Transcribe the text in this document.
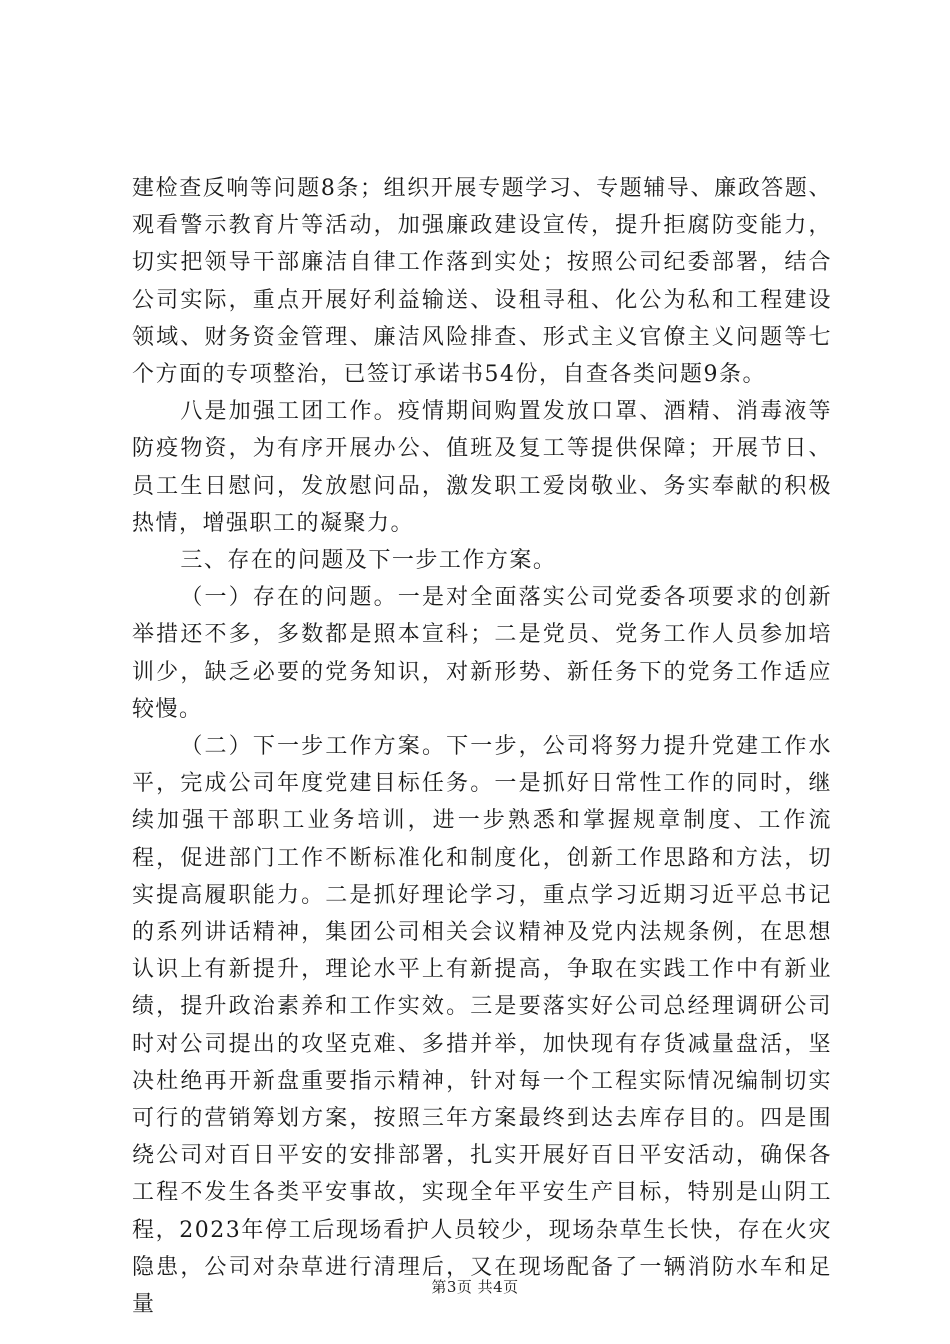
建检查反响等问题8条；组织开展专题学习、专题辅导、廉政答题、观看警示教育片等活动，加强廉政建设宣传，提升拒腐防变能力，切实把领导干部廉洁自律工作落到实处；按照公司纪委部署，结合公司实际，重点开展好利益输送、设租寻租、化公为私和工程建设领域、财务资金管理、廉洁风险排查、形式主义官僚主义问题等七个方面的专项整治，已签订承诺书54份，自查各类问题9条。

八是加强工团工作。疫情期间购置发放口罩、酒精、消毒液等防疫物资，为有序开展办公、值班及复工等提供保障；开展节日、员工生日慰问，发放慰问品，激发职工爱岗敬业、务实奉献的积极热情，增强职工的凝聚力。

三、存在的问题及下一步工作方案。

（一）存在的问题。一是对全面落实公司党委各项要求的创新举措还不多，多数都是照本宣科；二是党员、党务工作人员参加培训少，缺乏必要的党务知识，对新形势、新任务下的党务工作适应较慢。

（二）下一步工作方案。下一步，公司将努力提升党建工作水平，完成公司年度党建目标任务。一是抓好日常性工作的同时，继续加强干部职工业务培训，进一步熟悉和掌握规章制度、工作流程，促进部门工作不断标准化和制度化，创新工作思路和方法，切实提高履职能力。二是抓好理论学习，重点学习近期习近平总书记的系列讲话精神，集团公司相关会议精神及党内法规条例，在思想认识上有新提升，理论水平上有新提高，争取在实践工作中有新业绩，提升政治素养和工作实效。三是要落实好公司总经理调研公司时对公司提出的攻坚克难、多措并举，加快现有存货减量盘活，坚决杜绝再开新盘重要指示精神，针对每一个工程实际情况编制切实可行的营销筹划方案，按照三年方案最终到达去库存目的。四是围绕公司对百日平安的安排部署，扎实开展好百日平安活动，确保各工程不发生各类平安事故，实现全年平安生产目标，特别是山阴工程，2023年停工后现场看护人员较少，现场杂草生长快，存在火灾隐患，公司对杂草进行清理后，又在现场配备了一辆消防水车和足量

第3页 共4页
